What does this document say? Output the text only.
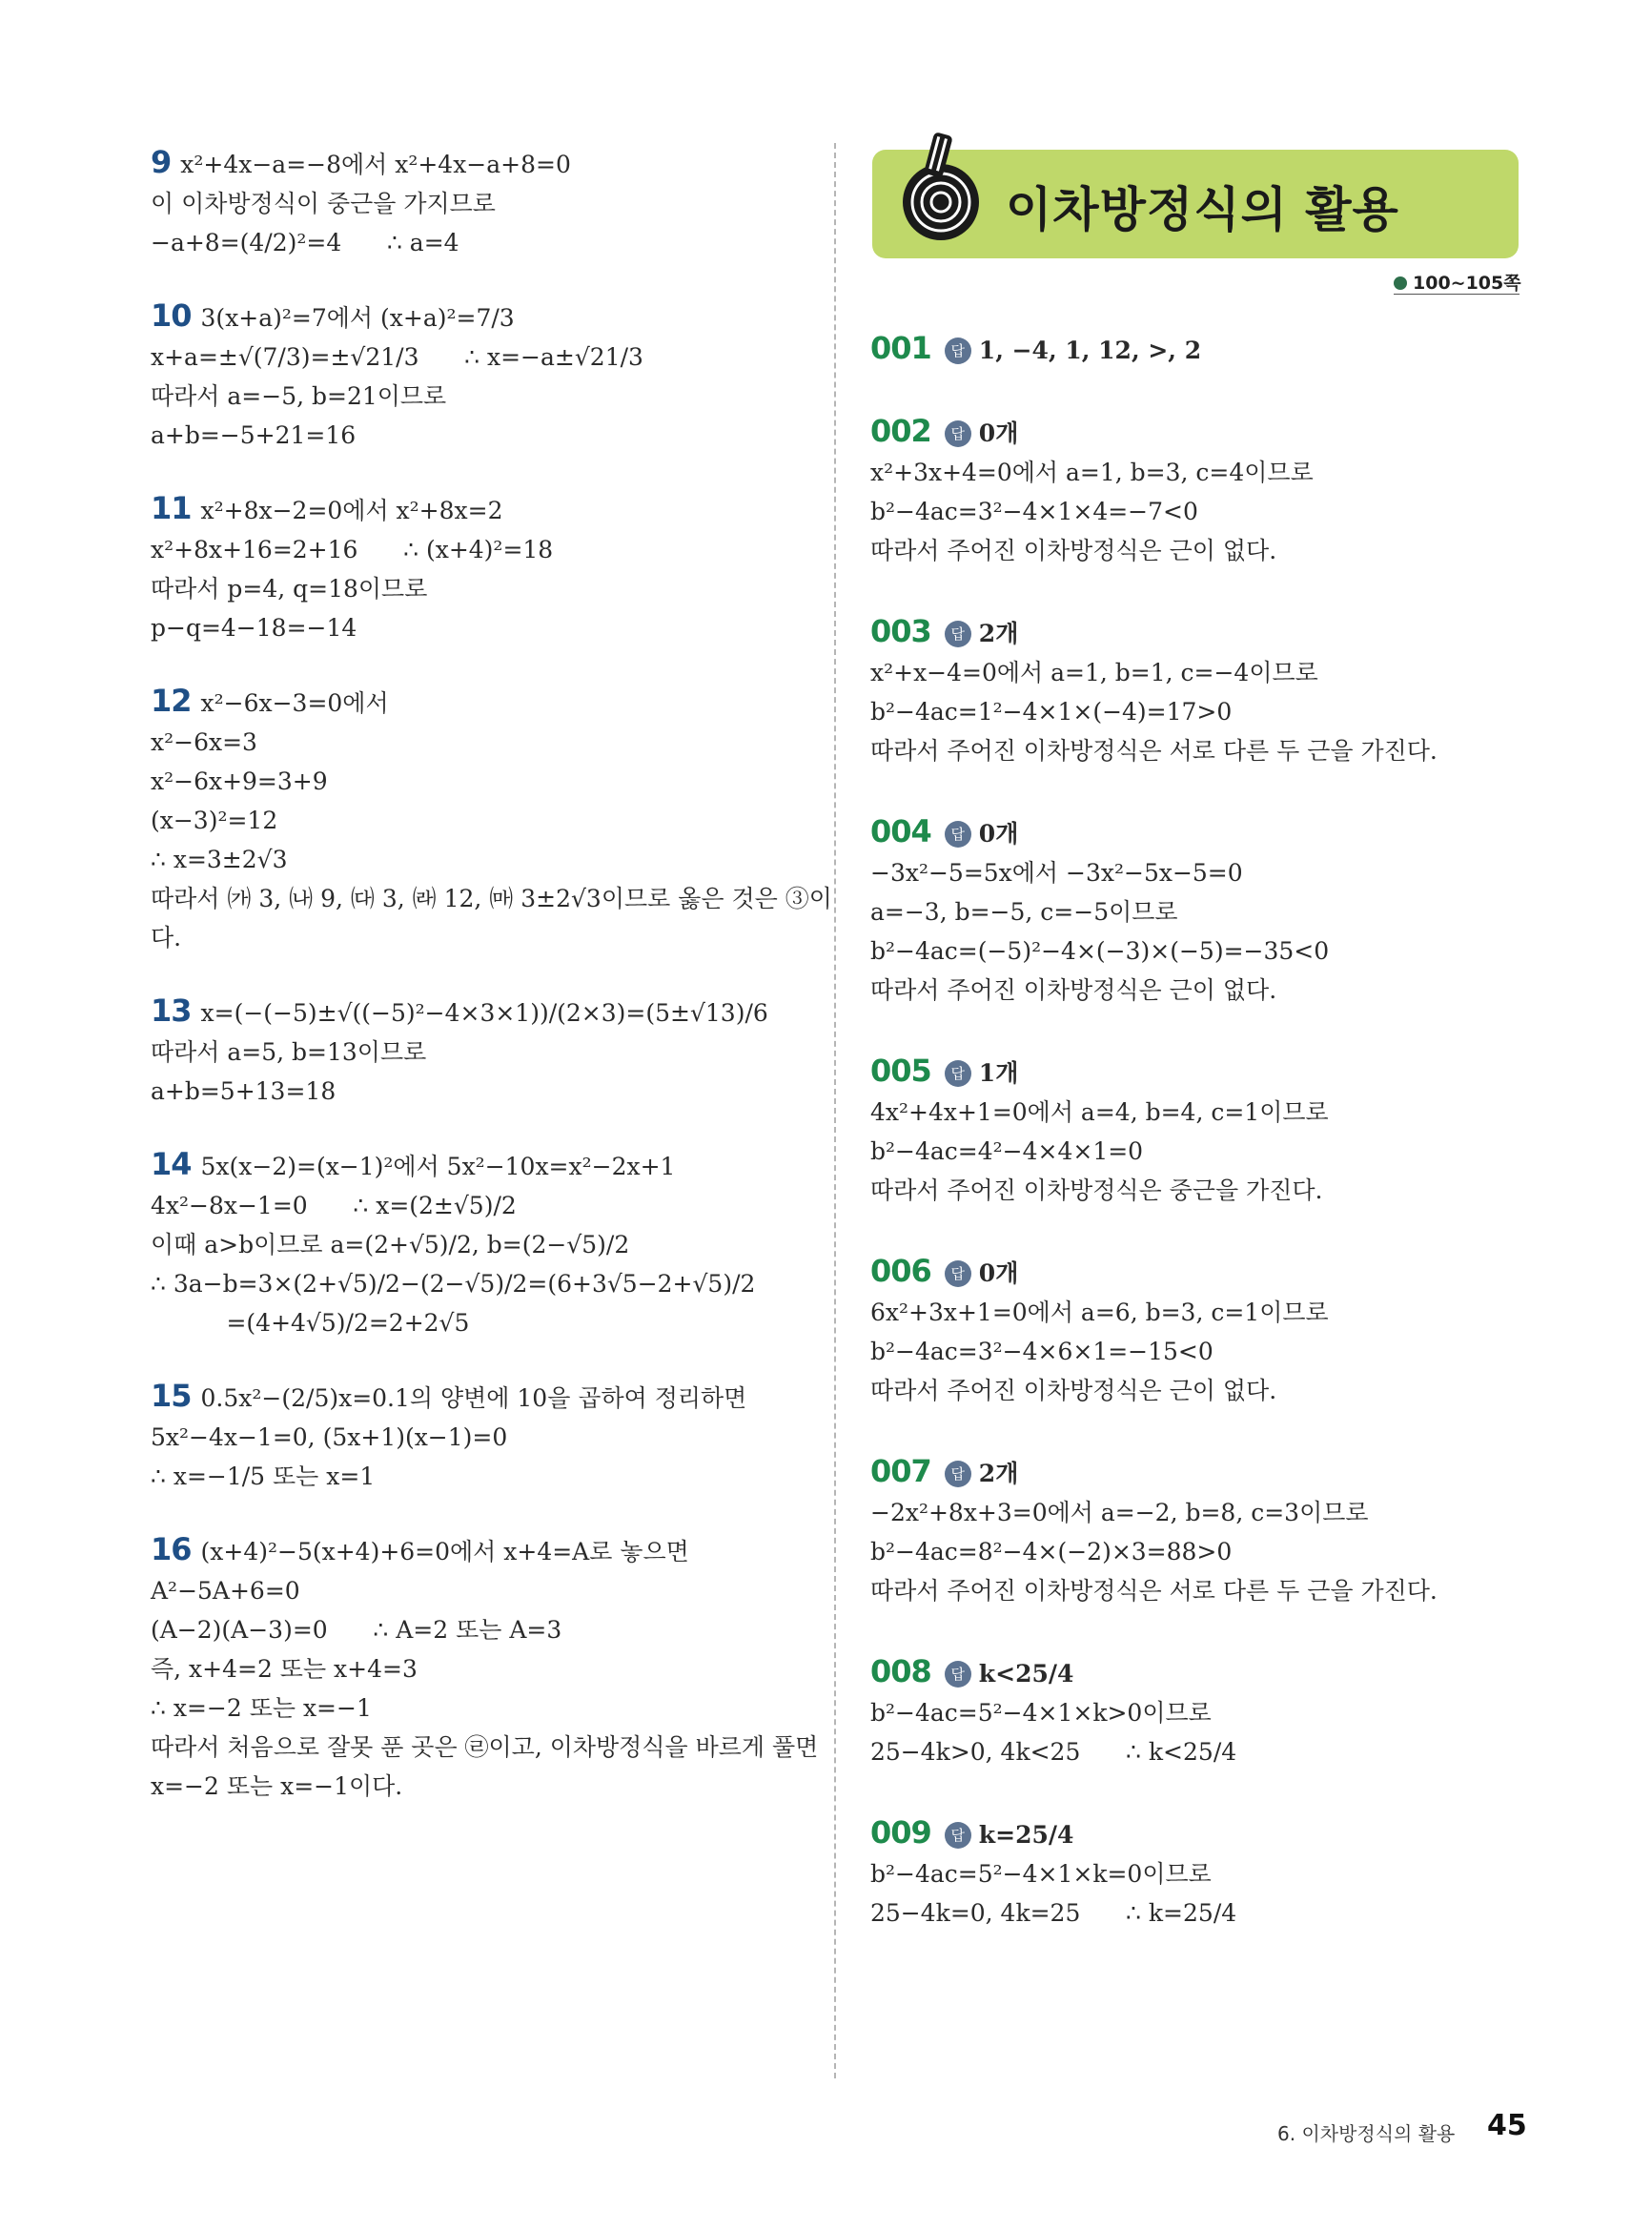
이차방정식의 활용
100~105쪽
9 x²+4x−a=−8에서 x²+4x−a+8=0
이 이차방정식이 중근을 가지므로
−a+8=(4/2)²=4      ∴ a=4
10 3(x+a)²=7에서 (x+a)²=7/3
x+a=±√(7/3)=±√21/3      ∴ x=−a±√21/3
따라서 a=−5, b=21이므로
a+b=−5+21=16
11 x²+8x−2=0에서 x²+8x=2
x²+8x+16=2+16      ∴ (x+4)²=18
따라서 p=4, q=18이므로
p−q=4−18=−14
12 x²−6x−3=0에서
x²−6x=3
x²−6x+9=3+9
(x−3)²=12
∴ x=3±2√3
따라서 ㈎ 3, ㈏ 9, ㈐ 3, ㈑ 12, ㈒ 3±2√3이므로 옳은 것은 ③이
다.
13 x=(−(−5)±√((−5)²−4×3×1))/(2×3)=(5±√13)/6
따라서 a=5, b=13이므로
a+b=5+13=18
14 5x(x−2)=(x−1)²에서 5x²−10x=x²−2x+1
4x²−8x−1=0      ∴ x=(2±√5)/2
이때 a>b이므로 a=(2+√5)/2, b=(2−√5)/2
∴ 3a−b=3×(2+√5)/2−(2−√5)/2=(6+3√5−2+√5)/2
=(4+4√5)/2=2+2√5
15 0.5x²−(2/5)x=0.1의 양변에 10을 곱하여 정리하면
5x²−4x−1=0, (5x+1)(x−1)=0
∴ x=−1/5 또는 x=1
16 (x+4)²−5(x+4)+6=0에서 x+4=A로 놓으면
A²−5A+6=0
(A−2)(A−3)=0      ∴ A=2 또는 A=3
즉, x+4=2 또는 x+4=3
∴ x=−2 또는 x=−1
따라서 처음으로 잘못 푼 곳은 ㉣이고, 이차방정식을 바르게 풀면
x=−2 또는 x=−1이다.
001 답 1, −4, 1, 12, >, 2
002 답 0개
x²+3x+4=0에서 a=1, b=3, c=4이므로
b²−4ac=3²−4×1×4=−7<0
따라서 주어진 이차방정식은 근이 없다.
003 답 2개
x²+x−4=0에서 a=1, b=1, c=−4이므로
b²−4ac=1²−4×1×(−4)=17>0
따라서 주어진 이차방정식은 서로 다른 두 근을 가진다.
004 답 0개
−3x²−5=5x에서 −3x²−5x−5=0
a=−3, b=−5, c=−5이므로
b²−4ac=(−5)²−4×(−3)×(−5)=−35<0
따라서 주어진 이차방정식은 근이 없다.
005 답 1개
4x²+4x+1=0에서 a=4, b=4, c=1이므로
b²−4ac=4²−4×4×1=0
따라서 주어진 이차방정식은 중근을 가진다.
006 답 0개
6x²+3x+1=0에서 a=6, b=3, c=1이므로
b²−4ac=3²−4×6×1=−15<0
따라서 주어진 이차방정식은 근이 없다.
007 답 2개
−2x²+8x+3=0에서 a=−2, b=8, c=3이므로
b²−4ac=8²−4×(−2)×3=88>0
따라서 주어진 이차방정식은 서로 다른 두 근을 가진다.
008 답 k<25/4
b²−4ac=5²−4×1×k>0이므로
25−4k>0, 4k<25      ∴ k<25/4
009 답 k=25/4
b²−4ac=5²−4×1×k=0이므로
25−4k=0, 4k=25      ∴ k=25/4
6. 이차방정식의 활용 45
